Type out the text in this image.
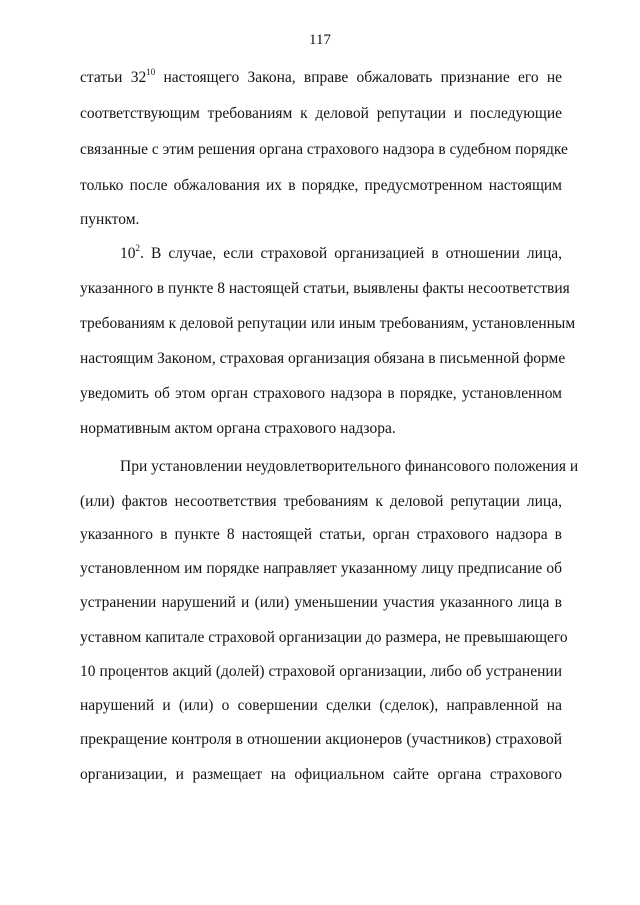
117
статьи $32^{10}$ настоящего Закона, вправе обжаловать признание его не
соответствующим требованиям к деловой репутации и последующие
связанные с этим решения органа страхового надзора в судебном порядке
только после обжалования их в порядке, предусмотренном настоящим
пунктом.
$10^2$. В случае, если страховой организацией в отношении лица,
указанного в пункте 8 настоящей статьи, выявлены факты несоответствия
требованиям к деловой репутации или иным требованиям, установленным
настоящим Законом, страховая организация обязана в письменной форме
уведомить об этом орган страхового надзора в порядке, установленном
нормативным актом органа страхового надзора.
При установлении неудовлетворительного финансового положения и
(или) фактов несоответствия требованиям к деловой репутации лица,
указанного в пункте 8 настоящей статьи, орган страхового надзора в
установленном им порядке направляет указанному лицу предписание об
устранении нарушений и (или) уменьшении участия указанного лица в
уставном капитале страховой организации до размера, не превышающего
10 процентов акций (долей) страховой организации, либо об устранении
нарушений и (или) о совершении сделки (сделок), направленной на
прекращение контроля в отношении акционеров (участников) страховой
организации, и размещает на официальном сайте органа страхового
